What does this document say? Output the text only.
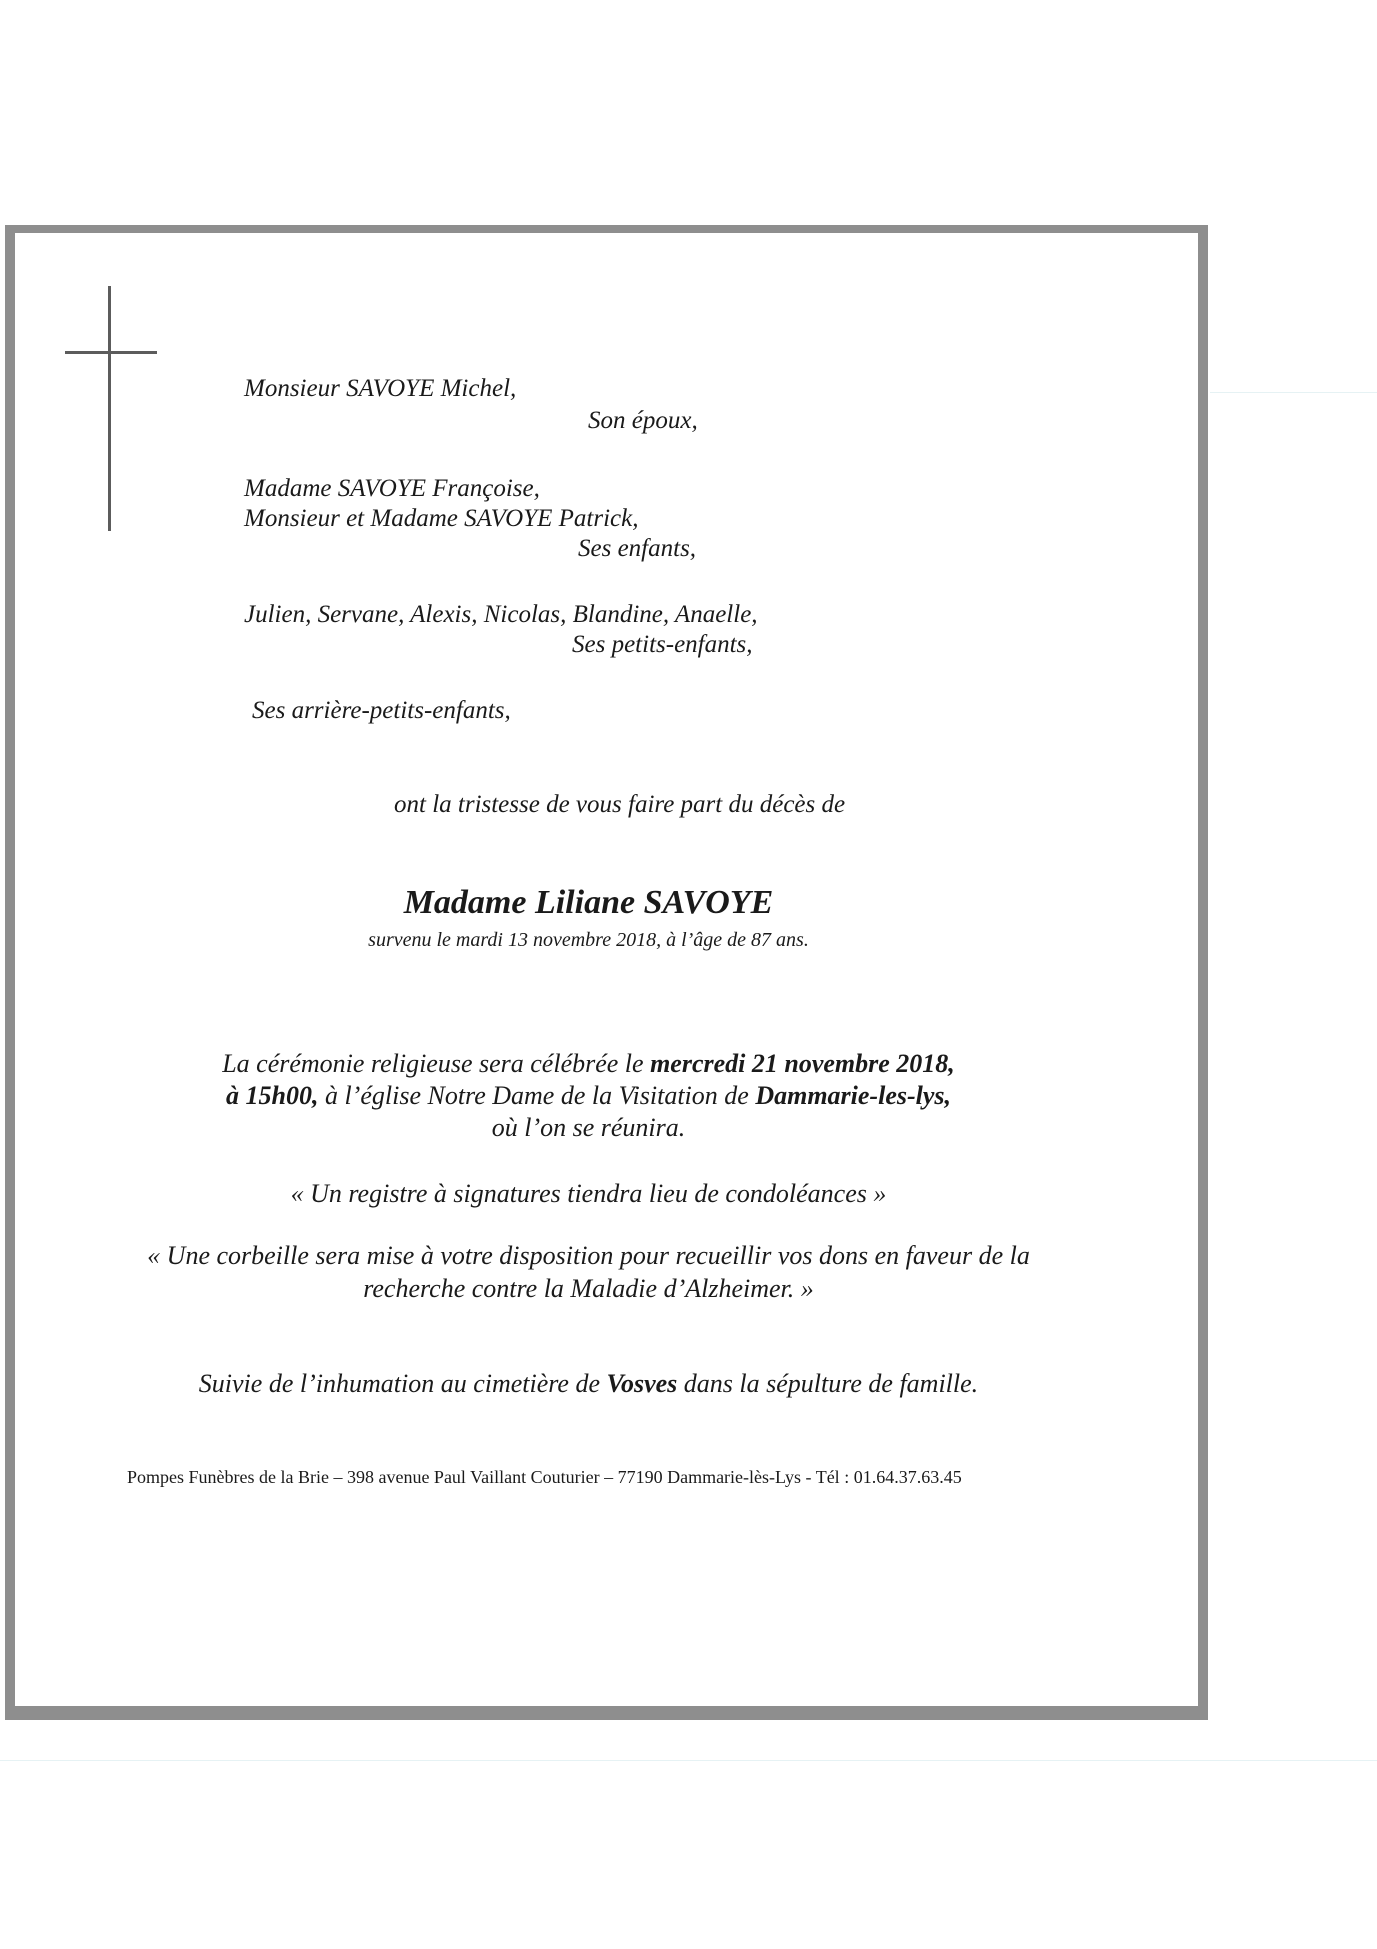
Monsieur SAVOYE Michel,
Son époux,
Madame SAVOYE Françoise,
Monsieur et Madame SAVOYE Patrick,
Ses enfants,
Julien, Servane, Alexis, Nicolas, Blandine, Anaelle,
Ses petits-enfants,
Ses arrière-petits-enfants,
ont la tristesse de vous faire part du décès de
Madame Liliane SAVOYE
survenu le mardi 13 novembre 2018, à l’âge de 87 ans.
La cérémonie religieuse sera célébrée le mercredi 21 novembre 2018,
à 15h00, à l’église Notre Dame de la Visitation de Dammarie-les-lys,
où l’on se réunira.
« Un registre à signatures tiendra lieu de condoléances »
« Une corbeille sera mise à votre disposition pour recueillir vos dons en faveur de la
recherche contre la Maladie d’Alzheimer. »
Suivie de l’inhumation au cimetière de Vosves dans la sépulture de famille.
Pompes Funèbres de la Brie – 398 avenue Paul Vaillant Couturier – 77190 Dammarie-lès-Lys - Tél : 01.64.37.63.45
